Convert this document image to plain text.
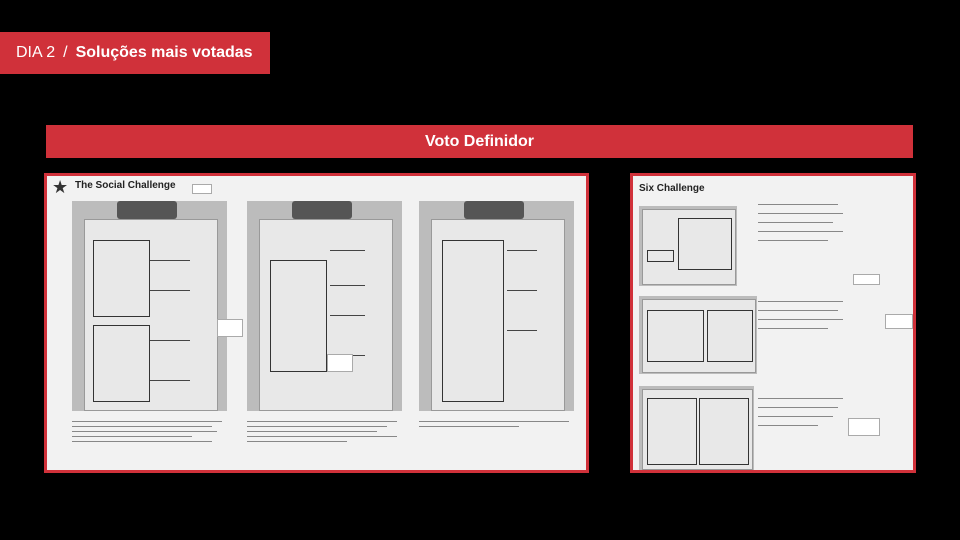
DIA 2 / Soluções mais votadas
Voto Definidor
★ The Social Challenge	Six Challenge
